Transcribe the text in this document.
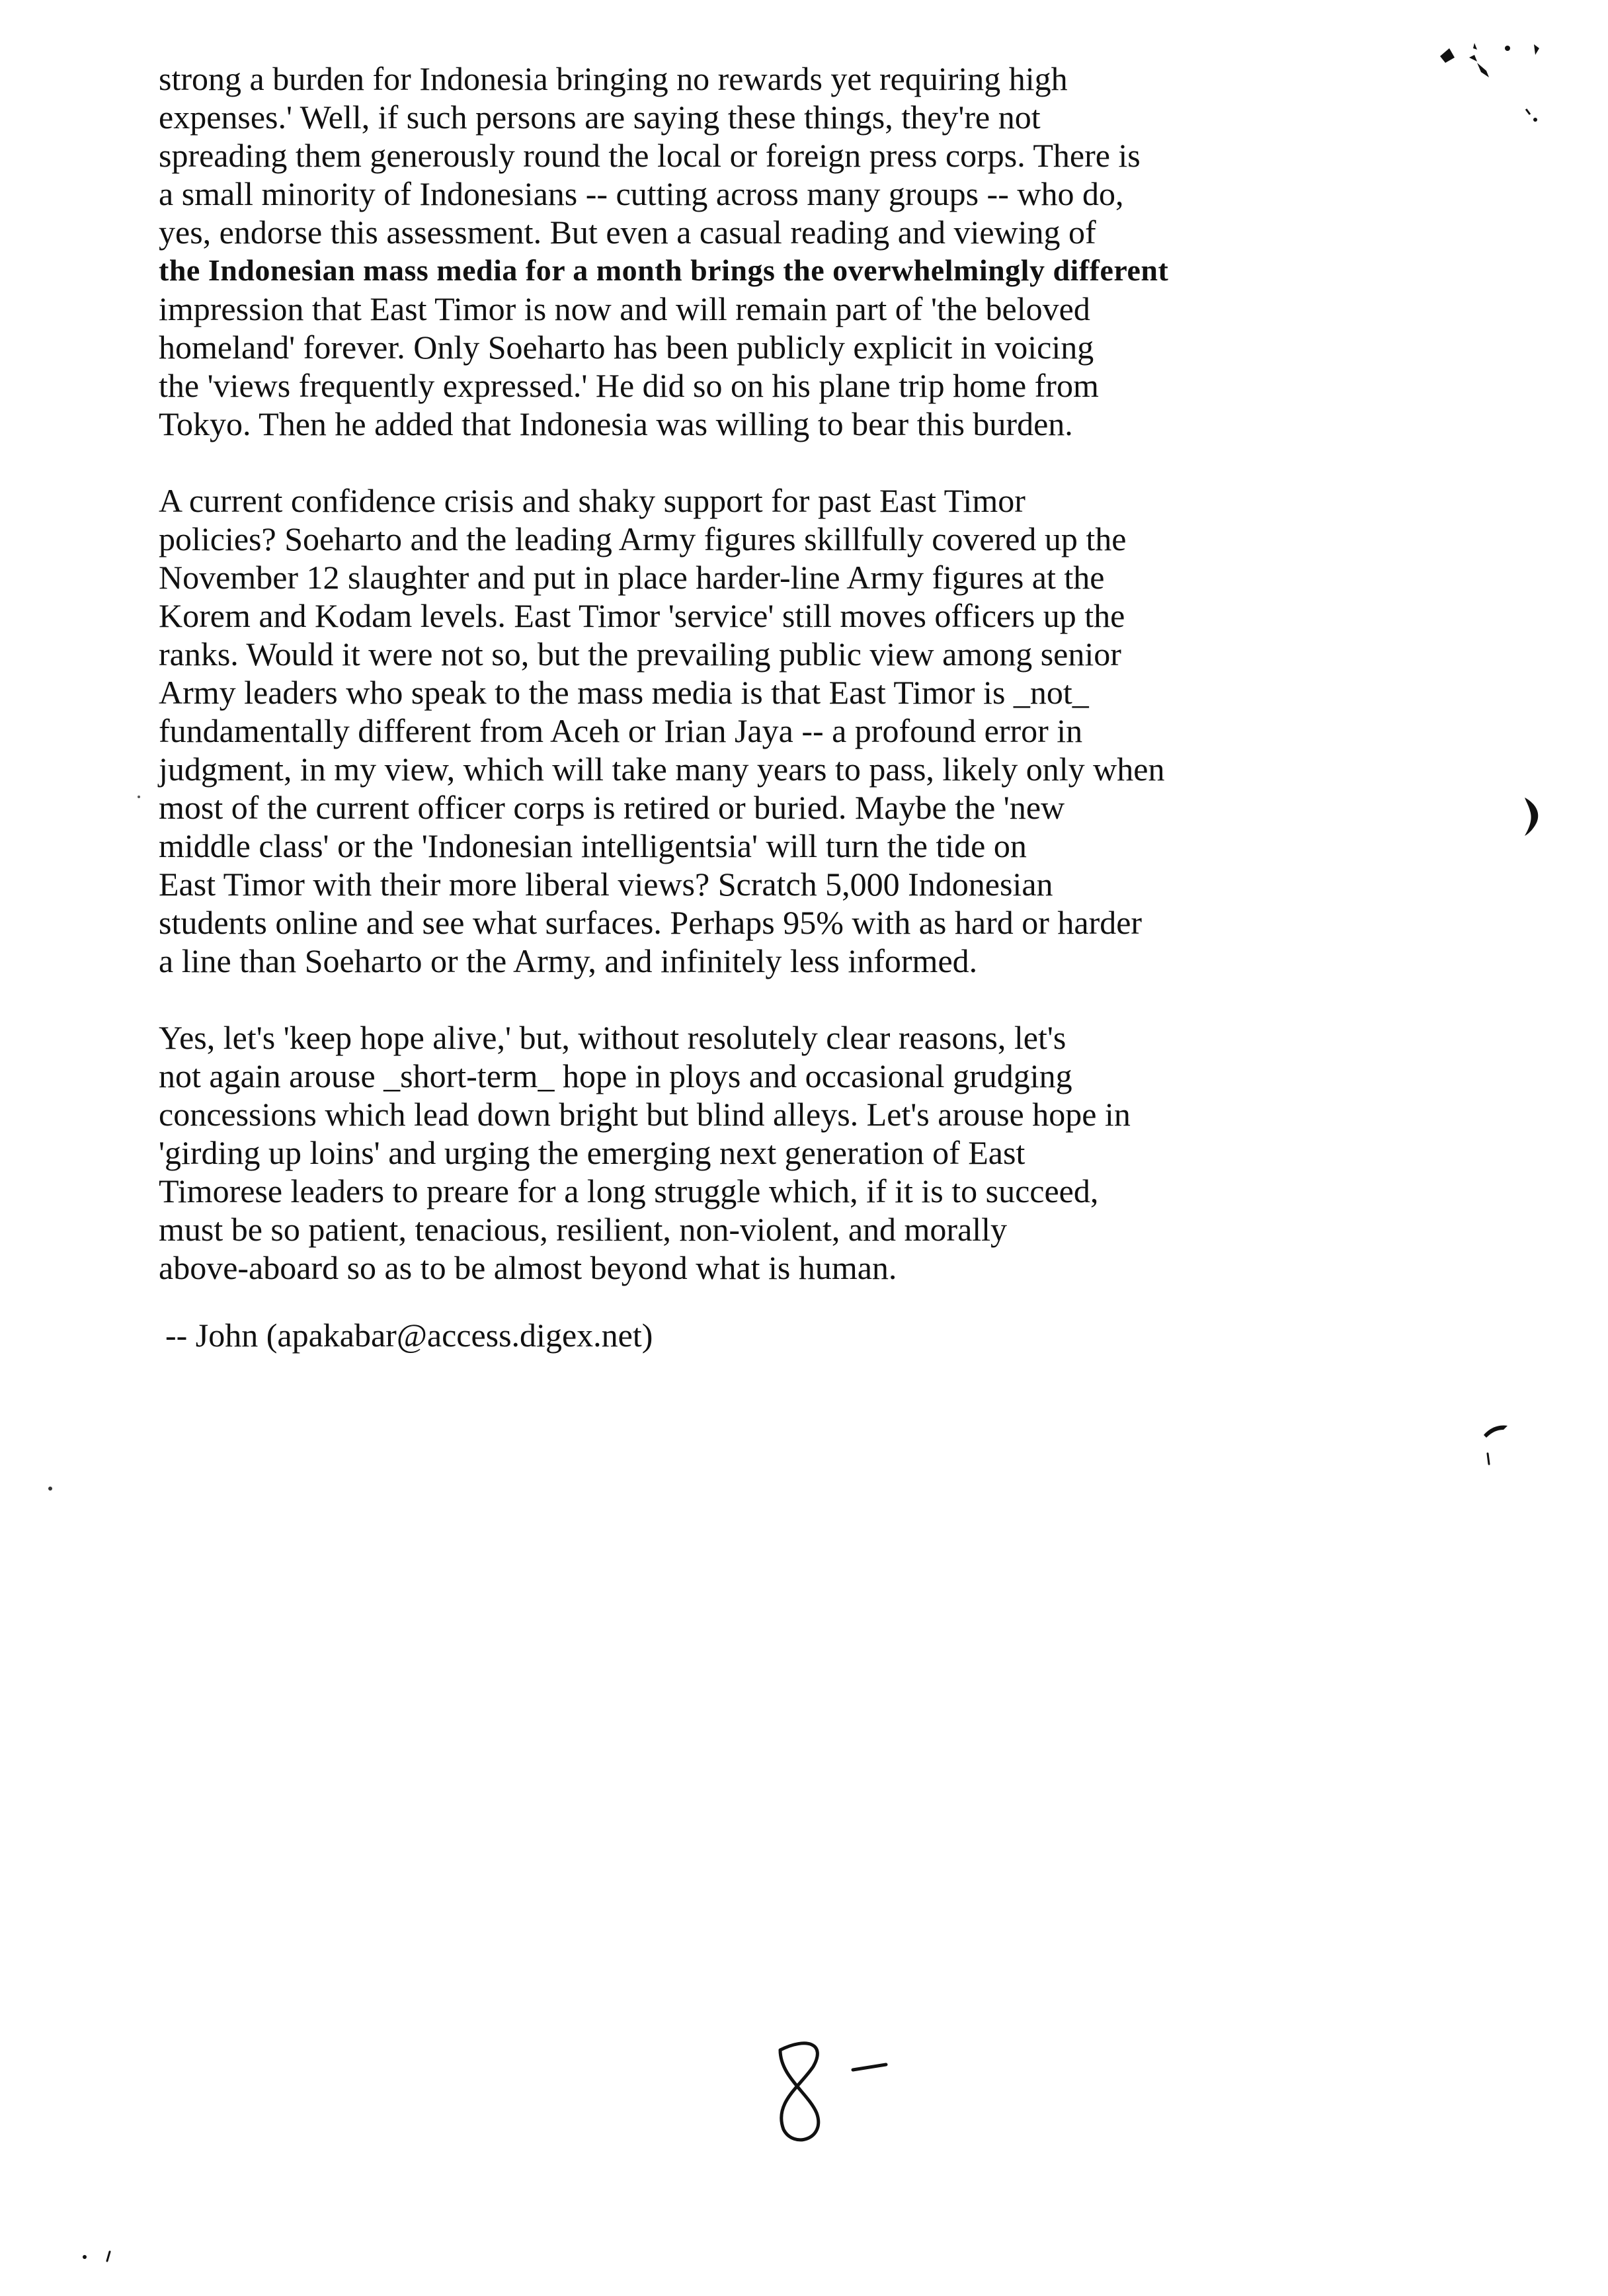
strong a burden for Indonesia bringing no rewards yet requiring high
expenses.' Well, if such persons are saying these things, they're not
spreading them generously round the local or foreign press corps. There is
a small minority of Indonesians -- cutting across many groups -- who do,
yes, endorse this assessment. But even a casual reading and viewing of
the Indonesian mass media for a month brings the overwhelmingly different
impression that East Timor is now and will remain part of 'the beloved
homeland' forever. Only Soeharto has been publicly explicit in voicing
the 'views frequently expressed.' He did so on his plane trip home from
Tokyo. Then he added that Indonesia was willing to bear this burden.
A current confidence crisis and shaky support for past East Timor
policies? Soeharto and the leading Army figures skillfully covered up the
November 12 slaughter and put in place harder-line Army figures at the
Korem and Kodam levels. East Timor 'service' still moves officers up the
ranks. Would it were not so, but the prevailing public view among senior
Army leaders who speak to the mass media is that East Timor is _not_
fundamentally different from Aceh or Irian Jaya -- a profound error in
judgment, in my view, which will take many years to pass, likely only when
most of the current officer corps is retired or buried. Maybe the 'new
middle class' or the 'Indonesian intelligentsia' will turn the tide on
East Timor with their more liberal views? Scratch 5,000 Indonesian
students online and see what surfaces. Perhaps 95% with as hard or harder
a line than Soeharto or the Army, and infinitely less informed.
Yes, let's 'keep hope alive,' but, without resolutely clear reasons, let's
not again arouse _short-term_ hope in ploys and occasional grudging
concessions which lead down bright but blind alleys. Let's arouse hope in
'girding up loins' and urging the emerging next generation of East
Timorese leaders to preare for a long struggle which, if it is to succeed,
must be so patient, tenacious, resilient, non-violent, and morally
above-aboard so as to be almost beyond what is human.
-- John (apakabar@access.digex.net)
